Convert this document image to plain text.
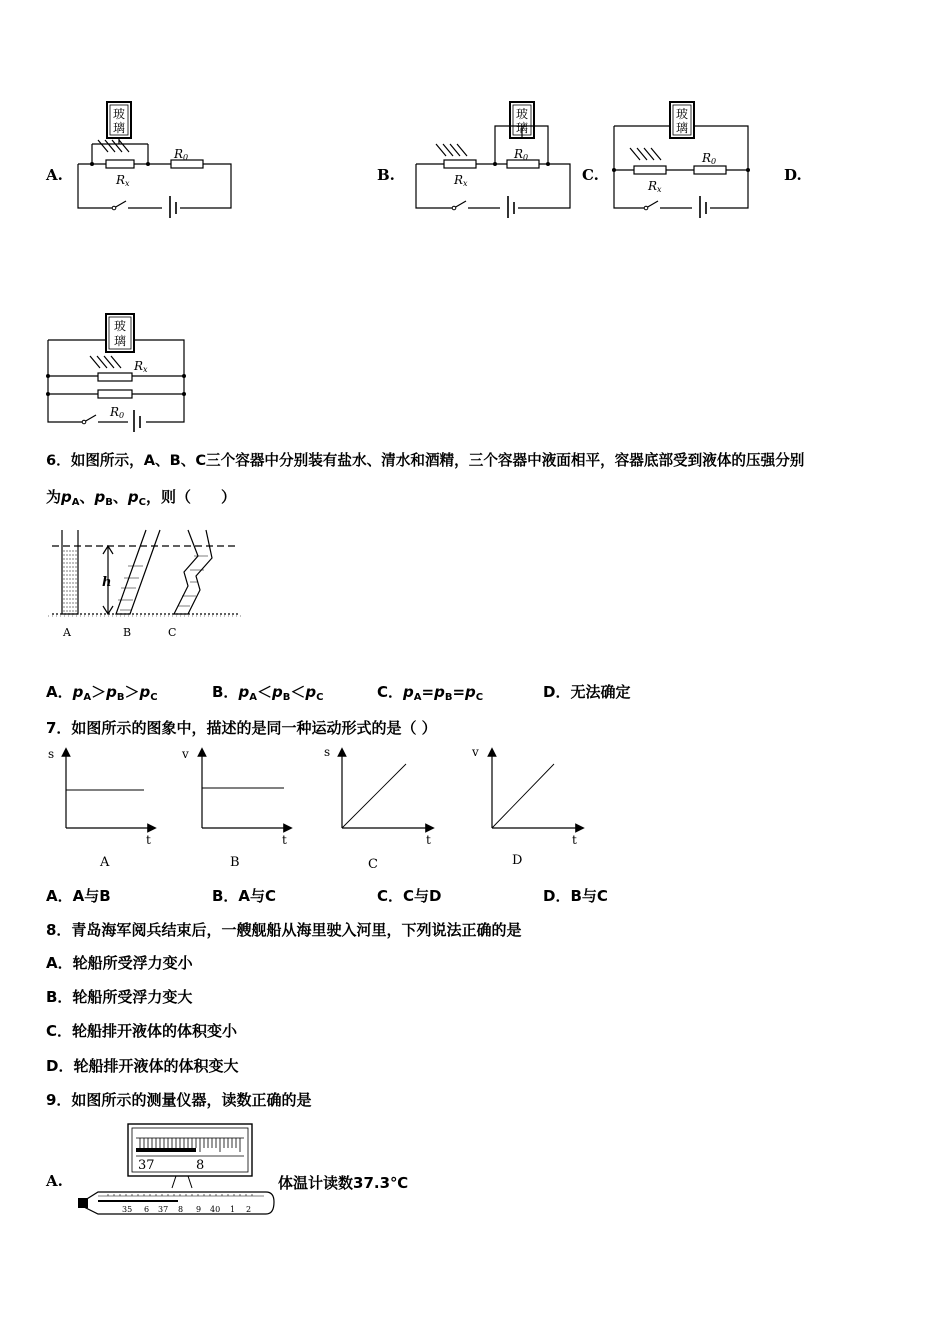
A.	B.	C.	D.
玻
璃
R0
Rx
玻
璃
R0
Rx
玻
璃
R0
Rx
玻
璃
Rx
R0
6．如图所示，A、B、C三个容器中分别装有盐水、清水和酒精，三个容器中液面相平，容器底部受到液体的压强分别
为$p_A$、$p_B$、$p_C$，则（　　）
h
A	B	C
A．$p_A>p_B>p_C$	B．$p_A<p_B<p_C$	C．$p_A=p_B=p_C$	D．无法确定
7．如图所示的图象中，描述的是同一种运动形式的是（ ）
s
t
A
v
t
B
s
t
C
v
t
D
A．A与B	B．A与C	C．C与D	D．B与C
8．青岛海军阅兵结束后，一艘舰船从海里驶入河里，下列说法正确的是
A．轮船所受浮力变小
B．轮船所受浮力变大
C．轮船排开液体的体积变小
D．轮船排开液体的体积变大
9．如图所示的测量仪器，读数正确的是
A.
37	8
35 6 37 8 9 40 1 2
体温计读数37.3℃
